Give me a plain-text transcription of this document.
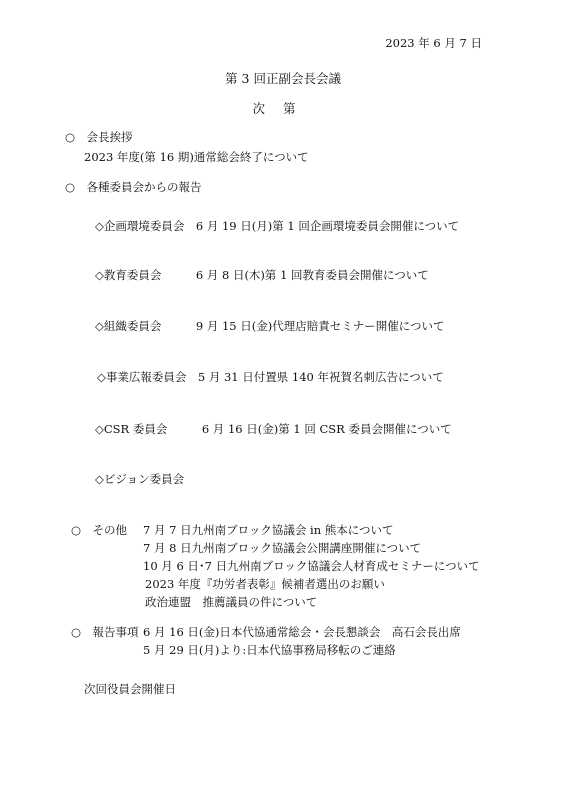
2023 年 6 月 7 日
第 3 回正副会長会議
次第
○　会長挨拶
2023 年度(第 16 期)通常総会終了について
○　各種委員会からの報告
◇企画環境委員会　6 月 19 日(月)第 1 回企画環境委員会開催について
◇教育委員会　　　6 月 8 日(木)第 1 回教育委員会開催について
◇組織委員会　　　9 月 15 日(金)代理店賠責セミナー開催について
◇事業広報委員会　5 月 31 日付置県 140 年祝賀名刺広告について
◇CSR 委員会　　　6 月 16 日(金)第 1 回 CSR 委員会開催について
◇ビジョン委員会
○　その他 7 月 7 日九州南ブロック協議会 in 熊本について
7 月 8 日九州南ブロック協議会公開講座開催について
10 月 6 日･7 日九州南ブロック協議会人材育成セミナーについて
2023 年度『功労者表彰』候補者選出のお願い
政治連盟　推薦議員の件について
○　報告事項 6 月 16 日(金)日本代協通常総会・会長懇談会　高石会長出席
5 月 29 日(月)より:日本代協事務局移転のご連絡
次回役員会開催日
